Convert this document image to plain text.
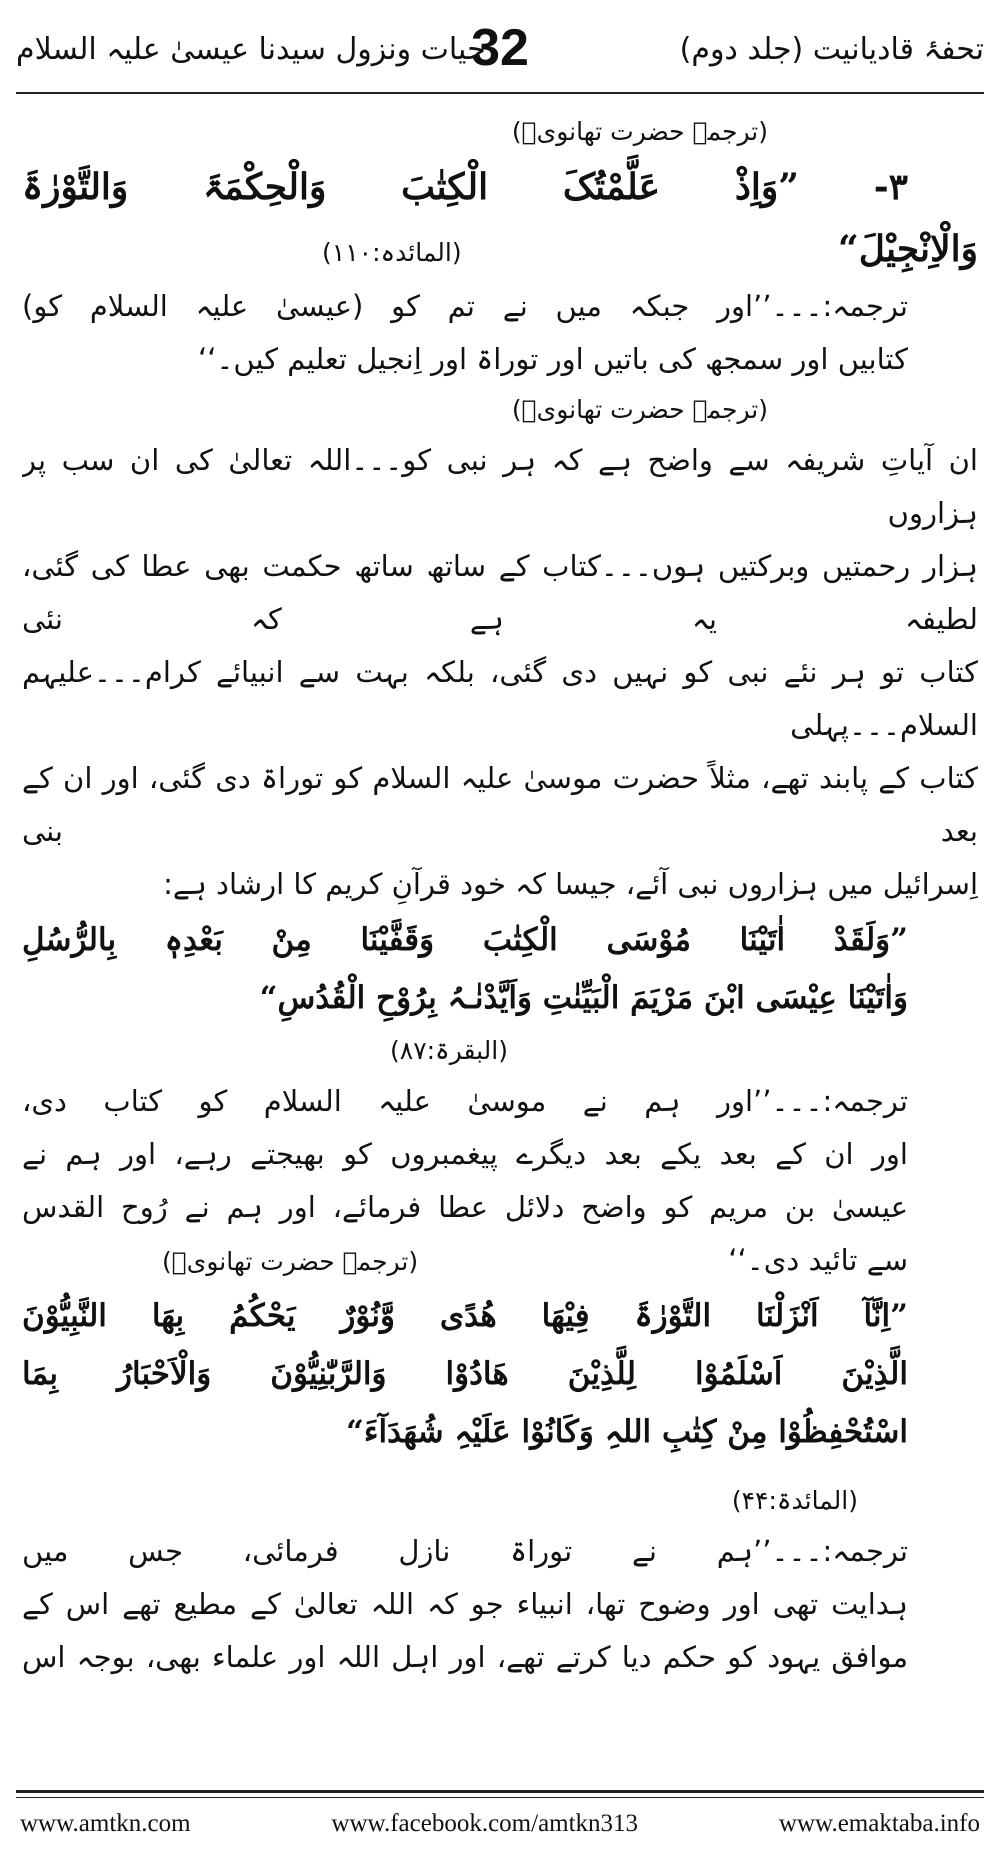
تحفۂ قادیانیت (جلد دوم)
32
حیات ونزول سیدنا عیسیٰ علیہ السلام

(ترجمہ حضرت تھانویؒ)

۳- ”وَاِذْ عَلَّمْتُکَ الْکِتٰبَ وَالْحِکْمَۃَ وَالتَّوْرٰۃَ

وَالْاِنْجِیْلَ“
(المائدہ:۱۱۰)

ترجمہ:۔۔۔’’اور جبکہ میں نے تم کو (عیسیٰ علیہ السلام کو)

کتابیں اور سمجھ کی باتیں اور توراۃ اور اِنجیل تعلیم کیں۔‘‘

(ترجمہ حضرت تھانویؒ)

ان آیاتِ شریفہ سے واضح ہے کہ ہر نبی کو۔۔۔اللہ تعالیٰ کی ان سب پر ہزاروں

ہزار رحمتیں وبرکتیں ہوں۔۔۔کتاب کے ساتھ ساتھ حکمت بھی عطا کی گئی، لطیفہ یہ ہے کہ نئی

کتاب تو ہر نئے نبی کو نہیں دی گئی، بلکہ بہت سے انبیائے کرام۔۔۔علیہم السلام۔۔۔پہلی

کتاب کے پابند تھے، مثلاً حضرت موسیٰ علیہ السلام کو توراۃ دی گئی، اور ان کے بعد بنی

اِسرائیل میں ہزاروں نبی آئے، جیسا کہ خود قرآنِ کریم کا ارشاد ہے:

”وَلَقَدْ اٰتَیْنَا مُوْسَی الْکِتٰبَ وَقَفَّیْنَا مِنْ بَعْدِہٖ بِالرُّسُلِ

وَاٰتَیْنَا عِیْسَی ابْنَ مَرْیَمَ الْبَیِّنٰتِ وَاَیَّدْنٰـہُ بِرُوْحِ الْقُدُسِ“

(البقرۃ:۸۷)

ترجمہ:۔۔۔’’اور ہم نے موسیٰ علیہ السلام کو کتاب دی،

اور ان کے بعد یکے بعد دیگرے پیغمبروں کو بھیجتے رہے، اور ہم نے

عیسیٰ بن مریم کو واضح دلائل عطا فرمائے، اور ہم نے رُوح القدس

سے تائید دی۔‘‘
(ترجمہ حضرت تھانویؒ)

”اِنَّآ اَنْزَلْنَا التَّوْرٰۃَ فِیْھَا ھُدًی وَّنُوْرٌ یَحْکُمُ بِھَا النَّبِیُّوْنَ

الَّذِیْنَ اَسْلَمُوْا لِلَّذِیْنَ ھَادُوْا وَالرَّبّٰنِیُّوْنَ وَالْاَحْبَارُ بِمَا

اسْتُحْفِظُوْا مِنْ کِتٰبِ اللہِ وَکَانُوْا عَلَیْہِ شُھَدَآءَ“

(المائدۃ:۴۴)

ترجمہ:۔۔۔’’ہم نے توراۃ نازل فرمائی، جس میں

ہدایت تھی اور وضوح تھا، انبیاء جو کہ اللہ تعالیٰ کے مطیع تھے اس کے

موافق یہود کو حکم دیا کرتے تھے، اور اہل اللہ اور علماء بھی، بوجہ اس

www.amtkn.com	www.facebook.com/amtkn313	www.emaktaba.info
